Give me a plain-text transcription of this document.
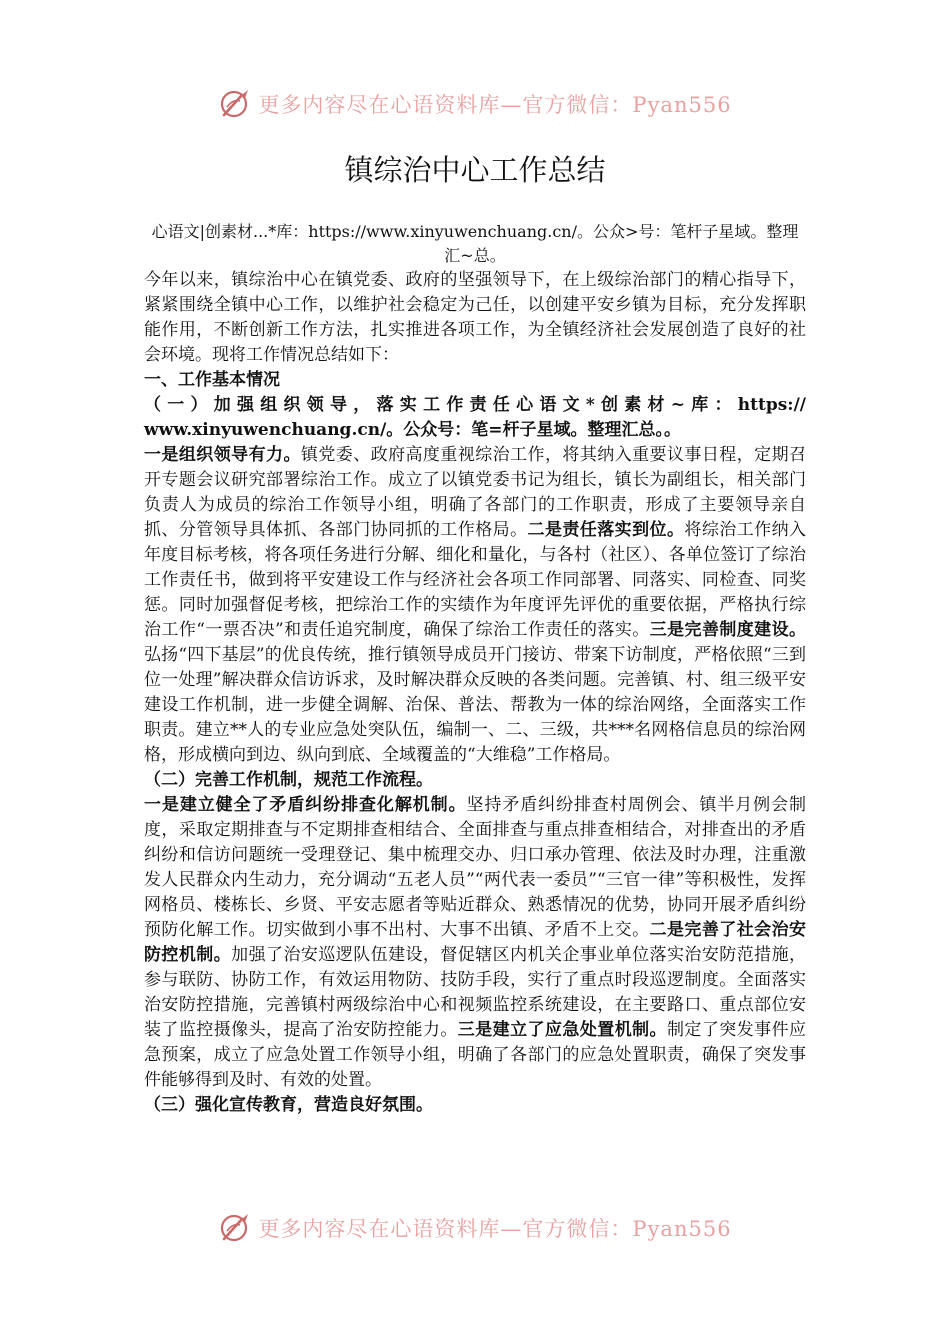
更多内容尽在心语资料库—官方微信：Pyan556
镇综治中心工作总结
心语文|创素材...*库：https://www.xinyuwenchuang.cn/。公众>号：笔杆子星域。整理汇~总。

今年以来，镇综治中心在镇党委、政府的坚强领导下，在上级综治部门的精心指导下，紧紧围绕全镇中心工作，以维护社会稳定为己任，以创建平安乡镇为目标，充分发挥职能作用，不断创新工作方法，扎实推进各项工作，为全镇经济社会发展创造了良好的社会环境。现将工作情况总结如下：

一、工作基本情况

（一）加强组织领导，落实工作责任心语文*创素材~库：https://

www.xinyuwenchuang.cn/。公众号：笔=杆子星域。整理汇总。。

一是组织领导有力。镇党委、政府高度重视综治工作，将其纳入重要议事日程，定期召开专题会议研究部署综治工作。成立了以镇党委书记为组长，镇长为副组长，相关部门负责人为成员的综治工作领导小组，明确了各部门的工作职责，形成了主要领导亲自抓、分管领导具体抓、各部门协同抓的工作格局。二是责任落实到位。将综治工作纳入年度目标考核，将各项任务进行分解、细化和量化，与各村（社区）、各单位签订了综治工作责任书，做到将平安建设工作与经济社会各项工作同部署、同落实、同检查、同奖惩。同时加强督促考核，把综治工作的实绩作为年度评先评优的重要依据，严格执行综治工作“一票否决”和责任追究制度，确保了综治工作责任的落实。三是完善制度建设。弘扬“四下基层”的优良传统，推行镇领导成员开门接访、带案下访制度，严格依照“三到位一处理”解决群众信访诉求，及时解决群众反映的各类问题。完善镇、村、组三级平安建设工作机制，进一步健全调解、治保、普法、帮教为一体的综治网络，全面落实工作职责。建立**人的专业应急处突队伍，编制一、二、三级，共***名网格信息员的综治网格，形成横向到边、纵向到底、全域覆盖的“大维稳”工作格局。

（二）完善工作机制，规范工作流程。

一是建立健全了矛盾纠纷排查化解机制。坚持矛盾纠纷排查村周例会、镇半月例会制度，采取定期排查与不定期排查相结合、全面排查与重点排查相结合，对排查出的矛盾纠纷和信访问题统一受理登记、集中梳理交办、归口承办管理、依法及时办理，注重激发人民群众内生动力，充分调动“五老人员”“两代表一委员”“三官一律”等积极性，发挥网格员、楼栋长、乡贤、平安志愿者等贴近群众、熟悉情况的优势，协同开展矛盾纠纷预防化解工作。切实做到小事不出村、大事不出镇、矛盾不上交。二是完善了社会治安防控机制。加强了治安巡逻队伍建设，督促辖区内机关企事业单位落实治安防范措施，参与联防、协防工作，有效运用物防、技防手段，实行了重点时段巡逻制度。全面落实治安防控措施，完善镇村两级综治中心和视频监控系统建设，在主要路口、重点部位安装了监控摄像头，提高了治安防控能力。三是建立了应急处置机制。制定了突发事件应急预案，成立了应急处置工作领导小组，明确了各部门的应急处置职责，确保了突发事件能够得到及时、有效的处置。

（三）强化宣传教育，营造良好氛围。

更多内容尽在心语资料库—官方微信：Pyan556
